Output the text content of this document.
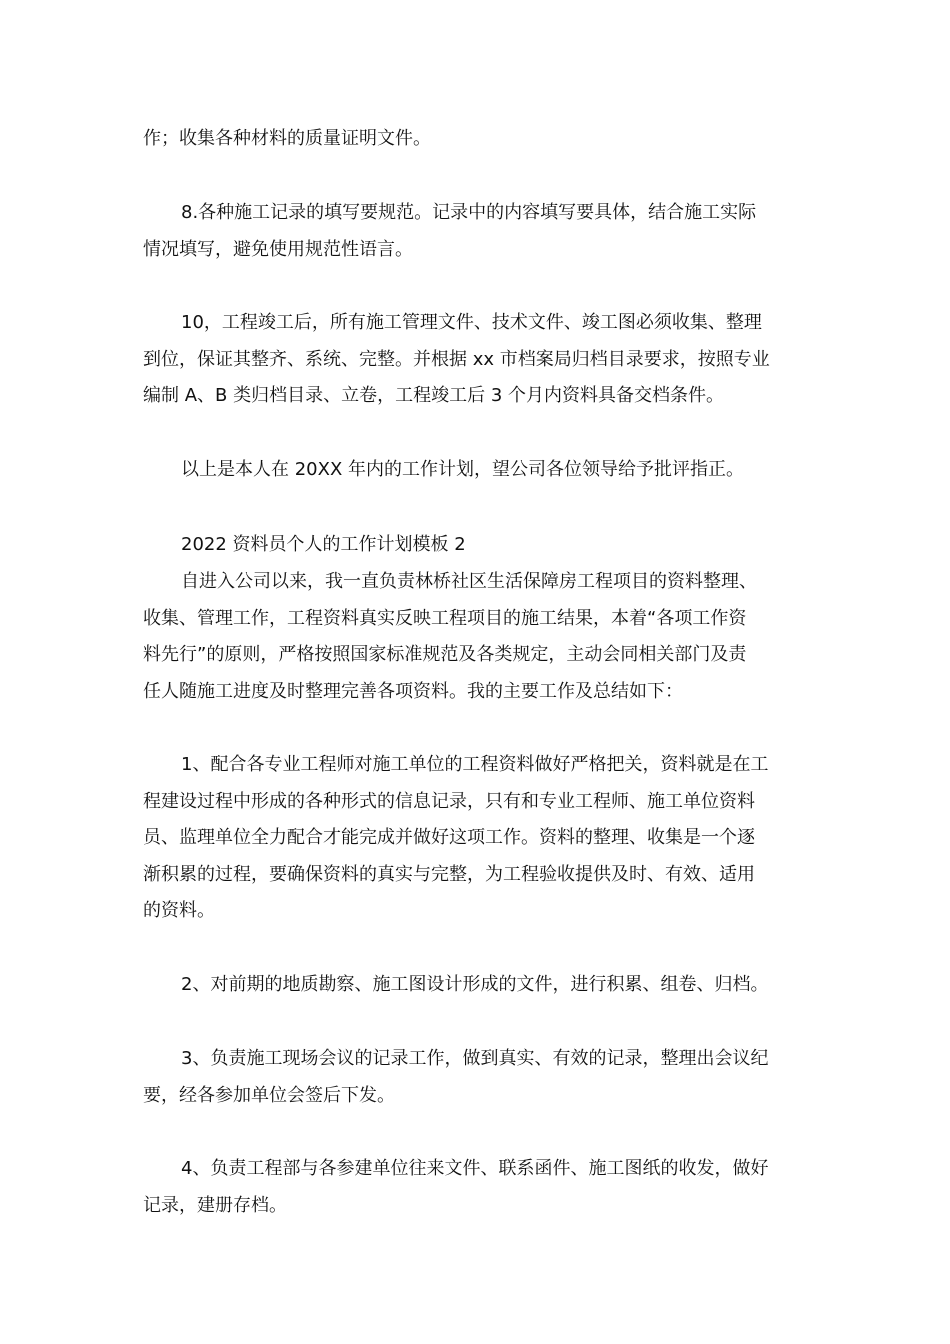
作；收集各种材料的质量证明文件。

8.各种施工记录的填写要规范。记录中的内容填写要具体，结合施工实际
情况填写，避免使用规范性语言。

10，工程竣工后，所有施工管理文件、技术文件、竣工图必须收集、整理
到位，保证其整齐、系统、完整。并根据 xx 市档案局归档目录要求，按照专业
编制 A、B 类归档目录、立卷，工程竣工后 3 个月内资料具备交档条件。

以上是本人在 20XX 年内的工作计划，望公司各位领导给予批评指正。

2022 资料员个人的工作计划模板 2

自进入公司以来，我一直负责林桥社区生活保障房工程项目的资料整理、
收集、管理工作，工程资料真实反映工程项目的施工结果，本着“各项工作资
料先行”的原则，严格按照国家标准规范及各类规定，主动会同相关部门及责
任人随施工进度及时整理完善各项资料。我的主要工作及总结如下：

1、配合各专业工程师对施工单位的工程资料做好严格把关，资料就是在工
程建设过程中形成的各种形式的信息记录，只有和专业工程师、施工单位资料
员、监理单位全力配合才能完成并做好这项工作。资料的整理、收集是一个逐
渐积累的过程，要确保资料的真实与完整，为工程验收提供及时、有效、适用
的资料。

2、对前期的地质勘察、施工图设计形成的文件，进行积累、组卷、归档。

3、负责施工现场会议的记录工作，做到真实、有效的记录，整理出会议纪
要，经各参加单位会签后下发。

4、负责工程部与各参建单位往来文件、联系函件、施工图纸的收发，做好
记录，建册存档。
